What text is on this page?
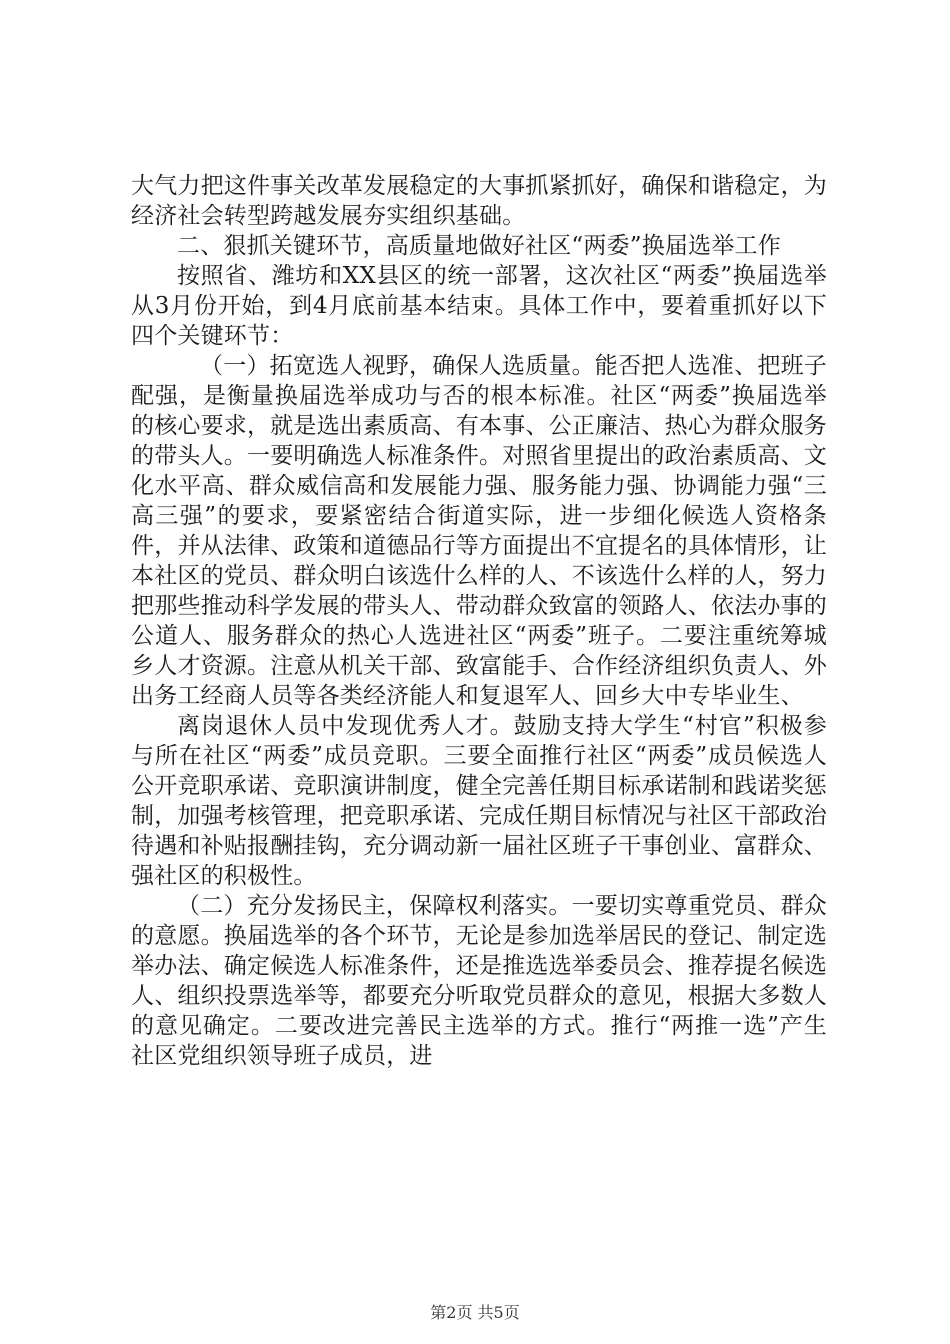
大气力把这件事关改革发展稳定的大事抓紧抓好，确保和谐稳定，为经济社会转型跨越发展夯实组织基础。

二、狠抓关键环节，高质量地做好社区“两委”换届选举工作

按照省、潍坊和XX县区的统一部署，这次社区“两委”换届选举从3月份开始，到4月底前基本结束。具体工作中，要着重抓好以下四个关键环节：

（一）拓宽选人视野，确保人选质量。能否把人选准、把班子配强，是衡量换届选举成功与否的根本标准。社区“两委”换届选举的核心要求，就是选出素质高、有本事、公正廉洁、热心为群众服务的带头人。一要明确选人标准条件。对照省里提出的政治素质高、文化水平高、群众威信高和发展能力强、服务能力强、协调能力强“三高三强”的要求，要紧密结合街道实际，进一步细化候选人资格条件，并从法律、政策和道德品行等方面提出不宜提名的具体情形，让本社区的党员、群众明白该选什么样的人、不该选什么样的人，努力把那些推动科学发展的带头人、带动群众致富的领路人、依法办事的公道人、服务群众的热心人选进社区“两委”班子。二要注重统筹城乡人才资源。注意从机关干部、致富能手、合作经济组织负责人、外出务工经商人员等各类经济能人和复退军人、回乡大中专毕业生、

离岗退休人员中发现优秀人才。鼓励支持大学生“村官”积极参与所在社区“两委”成员竞职。三要全面推行社区“两委”成员候选人公开竞职承诺、竞职演讲制度，健全完善任期目标承诺制和践诺奖惩制，加强考核管理，把竞职承诺、完成任期目标情况与社区干部政治待遇和补贴报酬挂钩，充分调动新一届社区班子干事创业、富群众、强社区的积极性。

（二）充分发扬民主，保障权利落实。一要切实尊重党员、群众的意愿。换届选举的各个环节，无论是参加选举居民的登记、制定选举办法、确定候选人标准条件，还是推选选举委员会、推荐提名候选人、组织投票选举等，都要充分听取党员群众的意见，根据大多数人的意见确定。二要改进完善民主选举的方式。推行“两推一选”产生社区党组织领导班子成员，进

第2页 共5页
